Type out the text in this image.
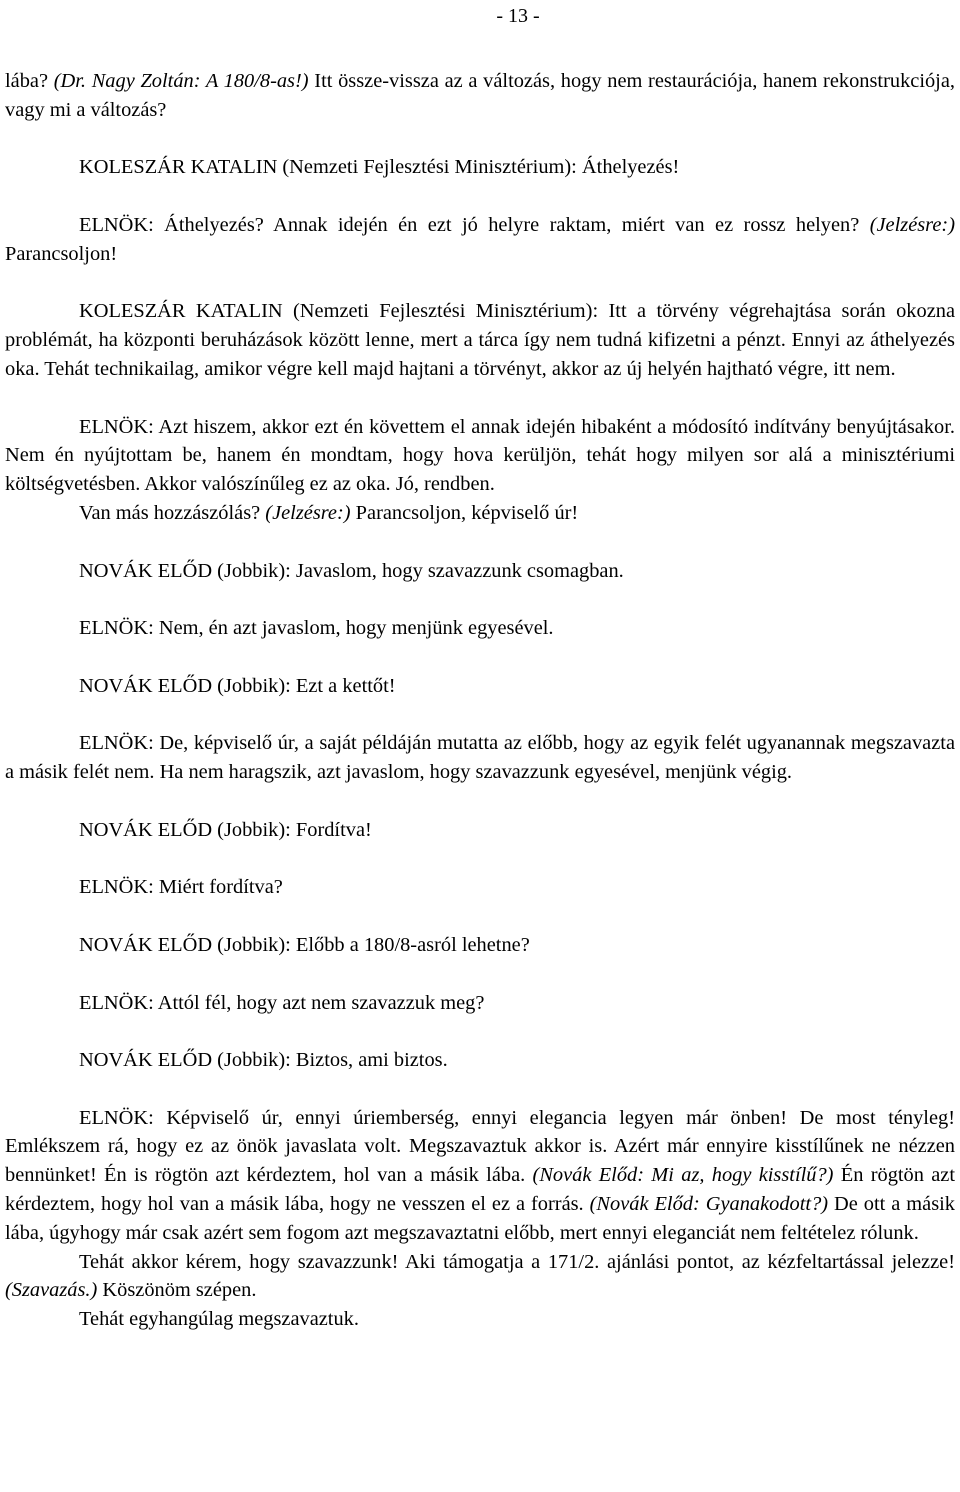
- 13 -

lába? (Dr. Nagy Zoltán: A 180/8-as!) Itt össze-vissza az a változás, hogy nem restaurációja, hanem rekonstrukciója, vagy mi a változás?

KOLESZÁR KATALIN (Nemzeti Fejlesztési Minisztérium): Áthelyezés!

ELNÖK: Áthelyezés? Annak idején én ezt jó helyre raktam, miért van ez rossz helyen? (Jelzésre:) Parancsoljon!

KOLESZÁR KATALIN (Nemzeti Fejlesztési Minisztérium): Itt a törvény végrehajtása során okozna problémát, ha központi beruházások között lenne, mert a tárca így nem tudná kifizetni a pénzt. Ennyi az áthelyezés oka. Tehát technikailag, amikor végre kell majd hajtani a törvényt, akkor az új helyén hajtható végre, itt nem.

ELNÖK: Azt hiszem, akkor ezt én követtem el annak idején hibaként a módosító indítvány benyújtásakor. Nem én nyújtottam be, hanem én mondtam, hogy hova kerüljön, tehát hogy milyen sor alá a minisztériumi költségvetésben. Akkor valószínűleg ez az oka. Jó, rendben.

Van más hozzászólás? (Jelzésre:) Parancsoljon, képviselő úr!

NOVÁK ELŐD (Jobbik): Javaslom, hogy szavazzunk csomagban.

ELNÖK: Nem, én azt javaslom, hogy menjünk egyesével.

NOVÁK ELŐD (Jobbik): Ezt a kettőt!

ELNÖK: De, képviselő úr, a saját példáján mutatta az előbb, hogy az egyik felét ugyanannak megszavazta a másik felét nem. Ha nem haragszik, azt javaslom, hogy szavazzunk egyesével, menjünk végig.

NOVÁK ELŐD (Jobbik): Fordítva!

ELNÖK: Miért fordítva?

NOVÁK ELŐD (Jobbik): Előbb a 180/8-asról lehetne?

ELNÖK: Attól fél, hogy azt nem szavazzuk meg?

NOVÁK ELŐD (Jobbik): Biztos, ami biztos.

ELNÖK: Képviselő úr, ennyi úriemberség, ennyi elegancia legyen már önben! De most tényleg! Emlékszem rá, hogy ez az önök javaslata volt. Megszavaztuk akkor is. Azért már ennyire kisstílűnek ne nézzen bennünket! Én is rögtön azt kérdeztem, hol van a másik lába. (Novák Előd: Mi az, hogy kisstílű?) Én rögtön azt kérdeztem, hogy hol van a másik lába, hogy ne vesszen el ez a forrás. (Novák Előd: Gyanakodott?) De ott a másik lába, úgyhogy már csak azért sem fogom azt megszavaztatni előbb, mert ennyi eleganciát nem feltételez rólunk.

Tehát akkor kérem, hogy szavazzunk! Aki támogatja a 171/2. ajánlási pontot, az kézfeltartással jelezze! (Szavazás.) Köszönöm szépen.

Tehát egyhangúlag megszavaztuk.
